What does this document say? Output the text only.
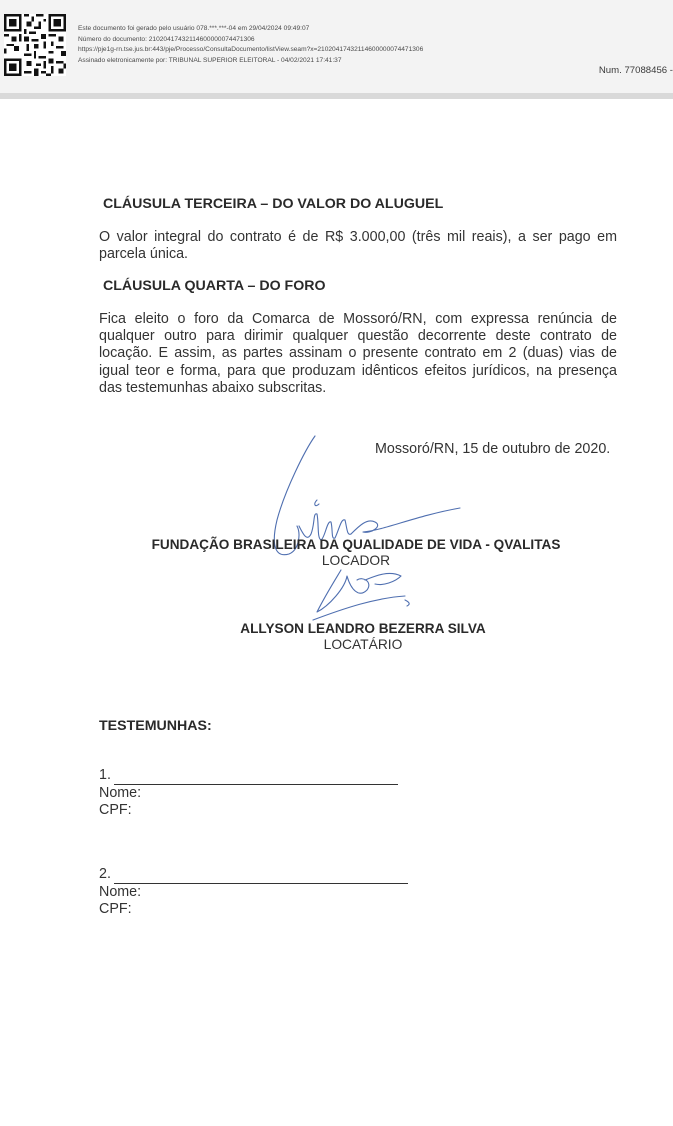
Este documento foi gerado pelo usuário 078.***.***-04 em 29/04/2024 09:49:07
Número do documento: 21020417432114600000074471306
https://pje1g-rn.tse.jus.br:443/pje/Processo/ConsultaDocumento/listView.seam?x=21020417432114600000074471306
Assinado eletronicamente por: TRIBUNAL SUPERIOR ELEITORAL - 04/02/2021 17:41:37
Num. 77088456 -
CLÁUSULA TERCEIRA – DO VALOR DO ALUGUEL

O valor integral do contrato é de R$ 3.000,00 (três mil reais), a ser pago em
parcela única.

CLÁUSULA QUARTA – DO FORO

Fica eleito o foro da Comarca de Mossoró/RN, com expressa renúncia de
qualquer outro para dirimir qualquer questão decorrente deste contrato de
locação. E assim, as partes assinam o presente contrato em 2 (duas) vias de
igual teor e forma, para que produzam idênticos efeitos jurídicos, na presença
das testemunhas abaixo subscritas.

Mossoró/RN, 15 de outubro de 2020.
FUNDAÇÃO BRASILEIRA DA QUALIDADE DE VIDA - QVALITAS
LOCADOR
ALLYSON LEANDRO BEZERRA SILVA
LOCATÁRIO
TESTEMUNHAS:
1.
Nome:
CPF:
2.
Nome:
CPF:
